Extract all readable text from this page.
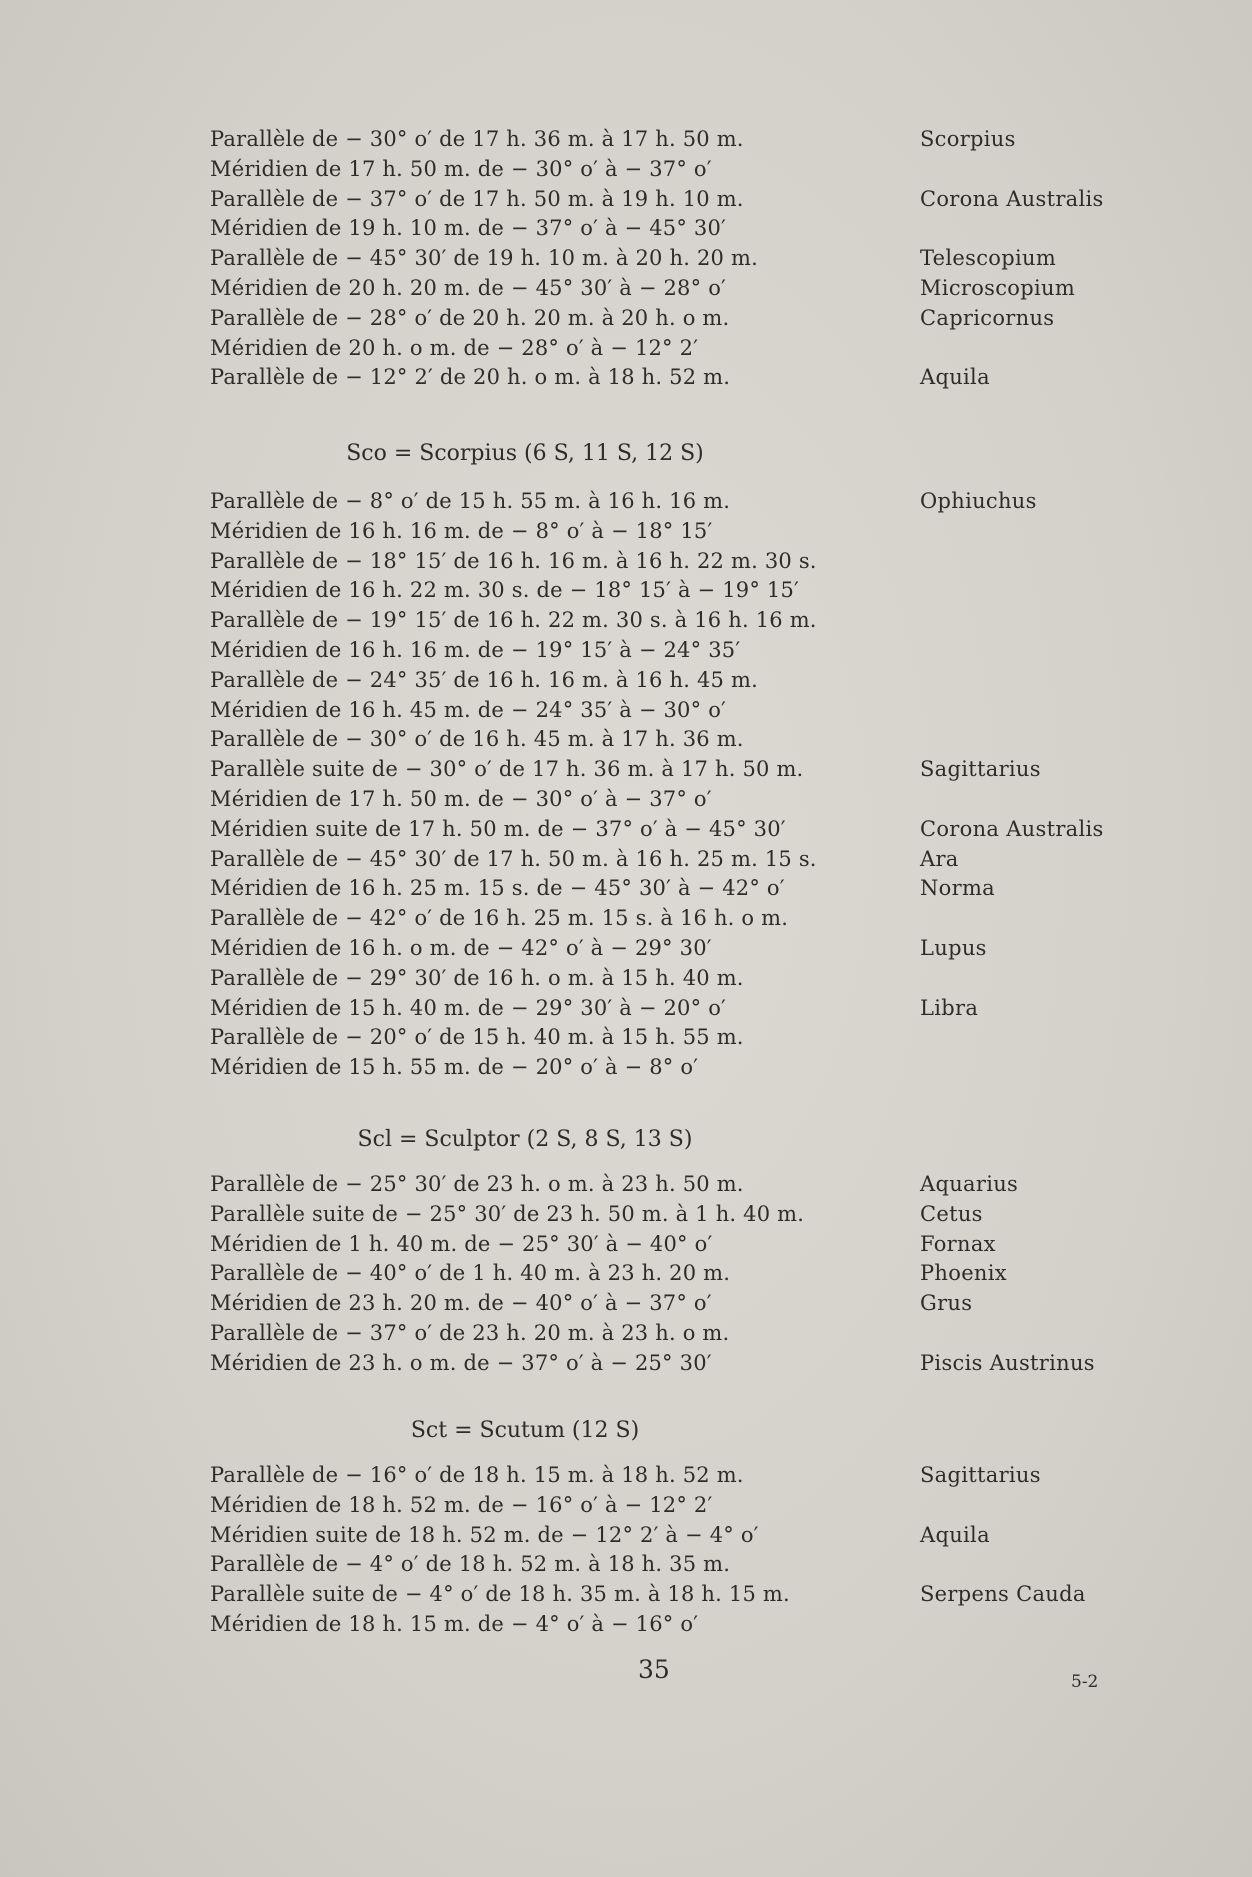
Parallèle de − 30° o′ de 17 h. 36 m. à 17 h. 50 m.	Scorpius
Méridien de 17 h. 50 m. de − 30° o′ à − 37° o′
Parallèle de − 37° o′ de 17 h. 50 m. à 19 h. 10 m.	Corona Australis
Méridien de 19 h. 10 m. de − 37° o′ à − 45° 30′
Parallèle de − 45° 30′ de 19 h. 10 m. à 20 h. 20 m.	Telescopium
Méridien de 20 h. 20 m. de − 45° 30′ à − 28° o′	Microscopium
Parallèle de − 28° o′ de 20 h. 20 m. à 20 h. o m.	Capricornus
Méridien de 20 h. o m. de − 28° o′ à − 12° 2′
Parallèle de − 12° 2′ de 20 h. o m. à 18 h. 52 m.	Aquila
Sco = Scorpius (6 S, 11 S, 12 S)
Parallèle de − 8° o′ de 15 h. 55 m. à 16 h. 16 m.	Ophiuchus
Méridien de 16 h. 16 m. de − 8° o′ à − 18° 15′
Parallèle de − 18° 15′ de 16 h. 16 m. à 16 h. 22 m. 30 s.
Méridien de 16 h. 22 m. 30 s. de − 18° 15′ à − 19° 15′
Parallèle de − 19° 15′ de 16 h. 22 m. 30 s. à 16 h. 16 m.
Méridien de 16 h. 16 m. de − 19° 15′ à − 24° 35′
Parallèle de − 24° 35′ de 16 h. 16 m. à 16 h. 45 m.
Méridien de 16 h. 45 m. de − 24° 35′ à − 30° o′
Parallèle de − 30° o′ de 16 h. 45 m. à 17 h. 36 m.
Parallèle suite de − 30° o′ de 17 h. 36 m. à 17 h. 50 m.	Sagittarius
Méridien de 17 h. 50 m. de − 30° o′ à − 37° o′
Méridien suite de 17 h. 50 m. de − 37° o′ à − 45° 30′	Corona Australis
Parallèle de − 45° 30′ de 17 h. 50 m. à 16 h. 25 m. 15 s.	Ara
Méridien de 16 h. 25 m. 15 s. de − 45° 30′ à − 42° o′	Norma
Parallèle de − 42° o′ de 16 h. 25 m. 15 s. à 16 h. o m.
Méridien de 16 h. o m. de − 42° o′ à − 29° 30′	Lupus
Parallèle de − 29° 30′ de 16 h. o m. à 15 h. 40 m.
Méridien de 15 h. 40 m. de − 29° 30′ à − 20° o′	Libra
Parallèle de − 20° o′ de 15 h. 40 m. à 15 h. 55 m.
Méridien de 15 h. 55 m. de − 20° o′ à − 8° o′
Scl = Sculptor (2 S, 8 S, 13 S)
Parallèle de − 25° 30′ de 23 h. o m. à 23 h. 50 m.	Aquarius
Parallèle suite de − 25° 30′ de 23 h. 50 m. à 1 h. 40 m.	Cetus
Méridien de 1 h. 40 m. de − 25° 30′ à − 40° o′	Fornax
Parallèle de − 40° o′ de 1 h. 40 m. à 23 h. 20 m.	Phoenix
Méridien de 23 h. 20 m. de − 40° o′ à − 37° o′	Grus
Parallèle de − 37° o′ de 23 h. 20 m. à 23 h. o m.
Méridien de 23 h. o m. de − 37° o′ à − 25° 30′	Piscis Austrinus
Sct = Scutum (12 S)
Parallèle de − 16° o′ de 18 h. 15 m. à 18 h. 52 m.	Sagittarius
Méridien de 18 h. 52 m. de − 16° o′ à − 12° 2′
Méridien suite de 18 h. 52 m. de − 12° 2′ à − 4° o′	Aquila
Parallèle de − 4° o′ de 18 h. 52 m. à 18 h. 35 m.
Parallèle suite de − 4° o′ de 18 h. 35 m. à 18 h. 15 m.	Serpens Cauda
Méridien de 18 h. 15 m. de − 4° o′ à − 16° o′
35	5-2
